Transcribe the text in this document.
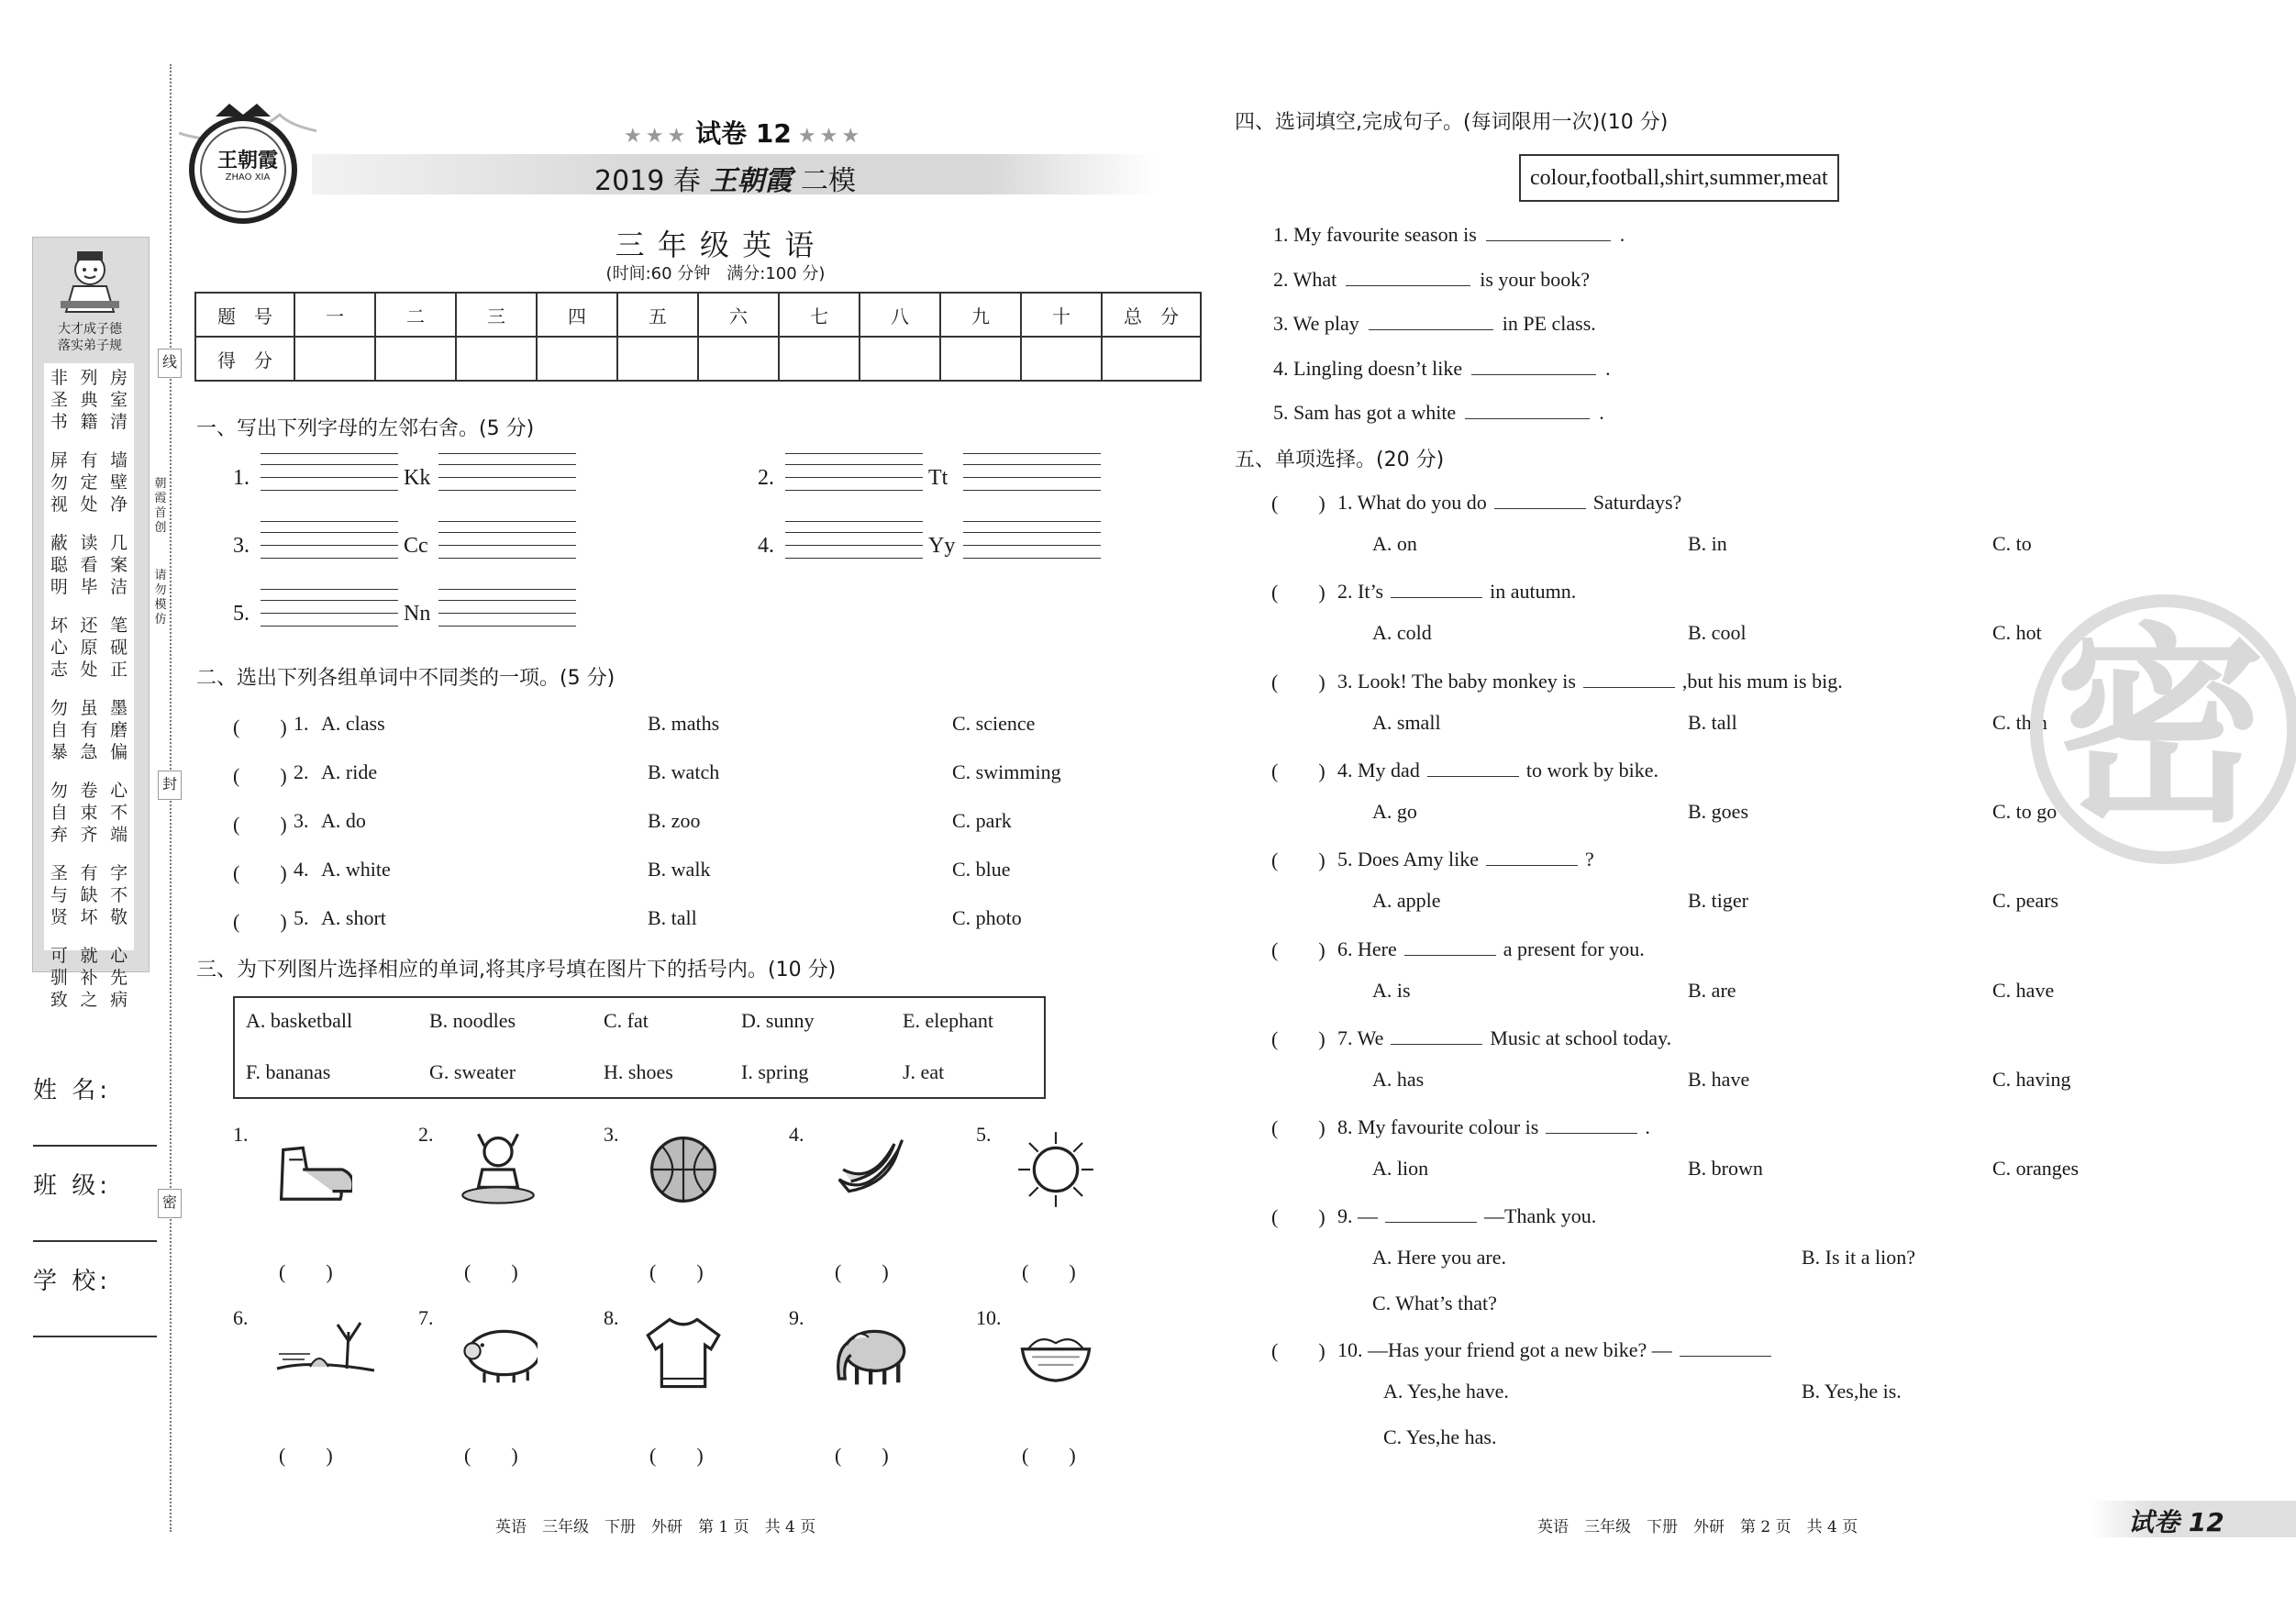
线
封
密
朝
霞
首
创
请
勿
模
仿
大才成子德
落实弟子规
非
圣
书
列
典
籍
房
室
清
屏
勿
视
有
定
处
墙
壁
净
蔽
聪
明
读
看
毕
几
案
洁
坏
心
志
还
原
处
笔
砚
正
勿
自
暴
虽
有
急
墨
磨
偏
勿
自
弃
卷
束
齐
心
不
端
圣
与
贤
有
缺
坏
字
不
敬
可
驯
致
就
补
之
心
先
病
姓 名:
班 级:
学 校:
王朝霞
ZHAO XIA
★★★ 试卷 12 ★★★
2019 春 王朝霞 二模
三 年 级 英 语
(时间:60 分钟　满分:100 分)
题　号	一	二	三	四	五	六	七	八	九	十	总　分
得　分											
一、写出下列字母的左邻右舍。(5 分)
1.	Kk	2.	Tt
3.	Cc	4.	Yy
5.	Nn
二、选出下列各组单词中不同类的一项。(5 分)
(　　) 1. A. class	B. maths	C. science
(　　) 2. A. ride	B. watch	C. swimming
(　　) 3. A. do	B. zoo	C. park
(　　) 4. A. white	B. walk	C. blue
(　　) 5. A. short	B. tall	C. photo
三、为下列图片选择相应的单词,将其序号填在图片下的括号内。(10 分)
A. basketball	B. noodles	C. fat	D. sunny	E. elephant
F. bananas	G. sweater	H. shoes	I. spring	J. eat
1.
(　　)
2.
(　　)
3.
(　　)
4.
(　　)
5.
(　　)
6.
(　　)
7.
(　　)
8.
(　　)
9.
(　　)
10.
(　　)
四、选词填空,完成句子。(每词限用一次)(10 分)
colour,football,shirt,summer,meat
1. My favourite season is	.
2. What	is your book?
3. We play	in PE class.
4. Lingling doesn’t like	.
5. Sam has got a white	.
五、单项选择。(20 分)
(　　) 1. What do you do	Saturdays?
A. on	B. in	C. to
(　　) 2. It’s	in autumn.
A. cold	B. cool	C. hot
(　　) 3. Look! The baby monkey is	,but his mum is big.
A. small	B. tall	C. thin
(　　) 4. My dad	to work by bike.
A. go	B. goes	C. to go
(　　) 5. Does Amy like	?
A. apple	B. tiger	C. pears
(　　) 6. Here	a present for you.
A. is	B. are	C. have
(　　) 7. We	Music at school today.
A. has	B. have	C. having
(　　) 8. My favourite colour is	.
A. lion	B. brown	C. oranges
(　　) 9. —	—Thank you.
A. Here you are.	B. Is it a lion?
C. What’s that?
(　　) 10. —Has your friend got a new bike? —
A. Yes,he have.	B. Yes,he is.
C. Yes,he has.
密
英语　三年级　下册　外研　第 1 页　共 4 页	英语　三年级　下册　外研　第 2 页　共 4 页	试卷 12
